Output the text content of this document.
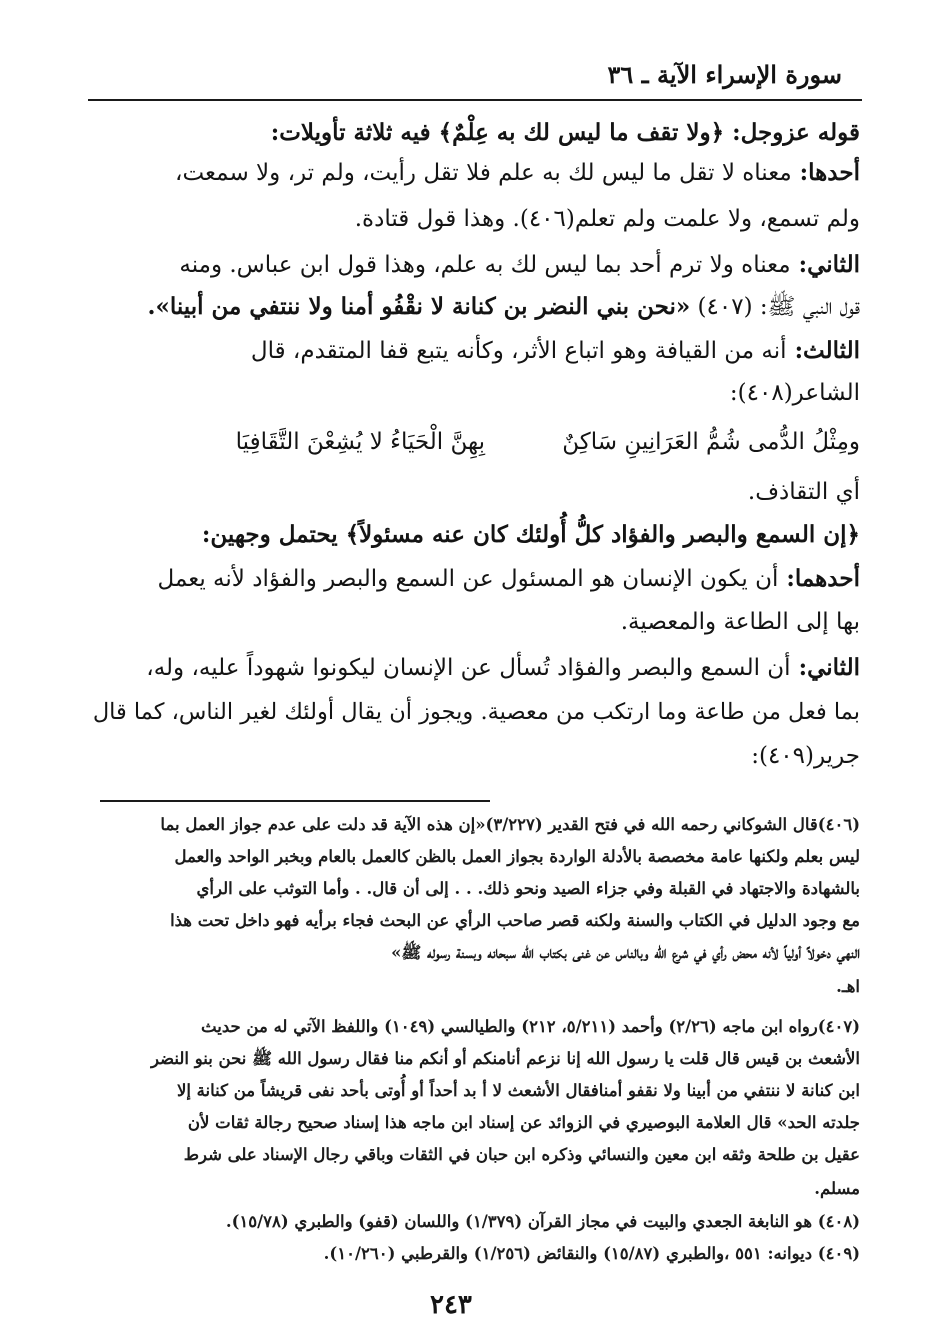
سورة الإسراء الآية ـ ٣٦
قوله عزوجل: ﴿ولا تقف ما ليس لك به عِلْمٌ﴾ فيه ثلاثة تأويلات:
أحدها: معناه لا تقل ما ليس لك به علم فلا تقل رأيت، ولم تر، ولا سمعت،
ولم تسمع، ولا علمت ولم تعلم(٤٠٦). وهذا قول قتادة.
الثاني: معناه ولا ترم أحد بما ليس لك به علم، وهذا قول ابن عباس. ومنه
قول النبي ﷺ: (٤٠٧) «نحن بني النضر بن كنانة لا نقْفُو أمنا ولا ننتفي من أبينا».
الثالث: أنه من القيافة وهو اتباع الأثر، وكأنه يتبع قفا المتقدم، قال
الشاعر(٤٠٨):
ومِثْلُ الدُّمى شُمُّ العَرَانِينِ سَاكِنٌ
بِهِنَّ الْحَيَاءُ لا يُشِعْنَ التَّقَافِيَا
أي التقاذف.
﴿إن السمع والبصر والفؤاد كلُّ أُولئك كان عنه مسئولاً﴾ يحتمل وجهين:
أحدهما: أن يكون الإنسان هو المسئول عن السمع والبصر والفؤاد لأنه يعمل
بها إلى الطاعة والمعصية.
الثاني: أن السمع والبصر والفؤاد تُسأل عن الإنسان ليكونوا شهوداً عليه، وله،
بما فعل من طاعة وما ارتكب من معصية. ويجوز أن يقال أولئك لغير الناس، كما قال
جرير(٤٠٩):
(٤٠٦)قال الشوكاني رحمه الله في فتح القدير (٣/٢٢٧)«إن هذه الآية قد دلت على عدم جواز العمل بما
ليس بعلم ولكنها عامة مخصصة بالأدلة الواردة بجواز العمل بالظن كالعمل بالعام وبخبر الواحد والعمل
بالشهادة والاجتهاد في القبلة وفي جزاء الصيد ونحو ذلك. . . إلى أن قال. . وأما التوثب على الرأي
مع وجود الدليل في الكتاب والسنة ولكنه قصر صاحب الرأي عن البحث فجاء برأيه فهو داخل تحت هذا
النهي دخولاً أولياً لأنه محض رأي في شرع الله وبالناس عن غنى بكتاب الله سبحانه وبسنة رسوله ﷺ»
اهـ.
(٤٠٧)رواه ابن ماجه (٢/٢٦) وأحمد (٥/٢١١، ٢١٢) والطيالسي (١٠٤٩) واللفظ الآتي له من حديث
الأشعث بن قيس قال قلت يا رسول الله إنا نزعم أنامنكم أو أنكم منا فقال رسول الله ﷺ نحن بنو النضر
ابن كنانة لا ننتفي من أبينا ولا نقفو أمنافقال الأشعث لا أ بد أحداً أو أُوتى بأحد نفى قريشاً من كنانة إلا
جلدته الحد» قال العلامة البوصيري في الزوائد عن إسناد ابن ماجه هذا إسناد صحيح رجالة ثقات لأن
عقيل بن طلحة وثقه ابن معين والنسائي وذكره ابن حبان في الثقات وباقي رجال الإسناد على شرط
مسلم.
(٤٠٨) هو النابغة الجعدي والبيت في مجاز القرآن (١/٣٧٩) واللسان (قفو) والطبري (١٥/٧٨).
(٤٠٩) ديوانه: ٥٥١ ،والطبري (١٥/٨٧) والنقائض (١/٢٥٦) والقرطبي (١٠/٢٦٠).
٢٤٣
